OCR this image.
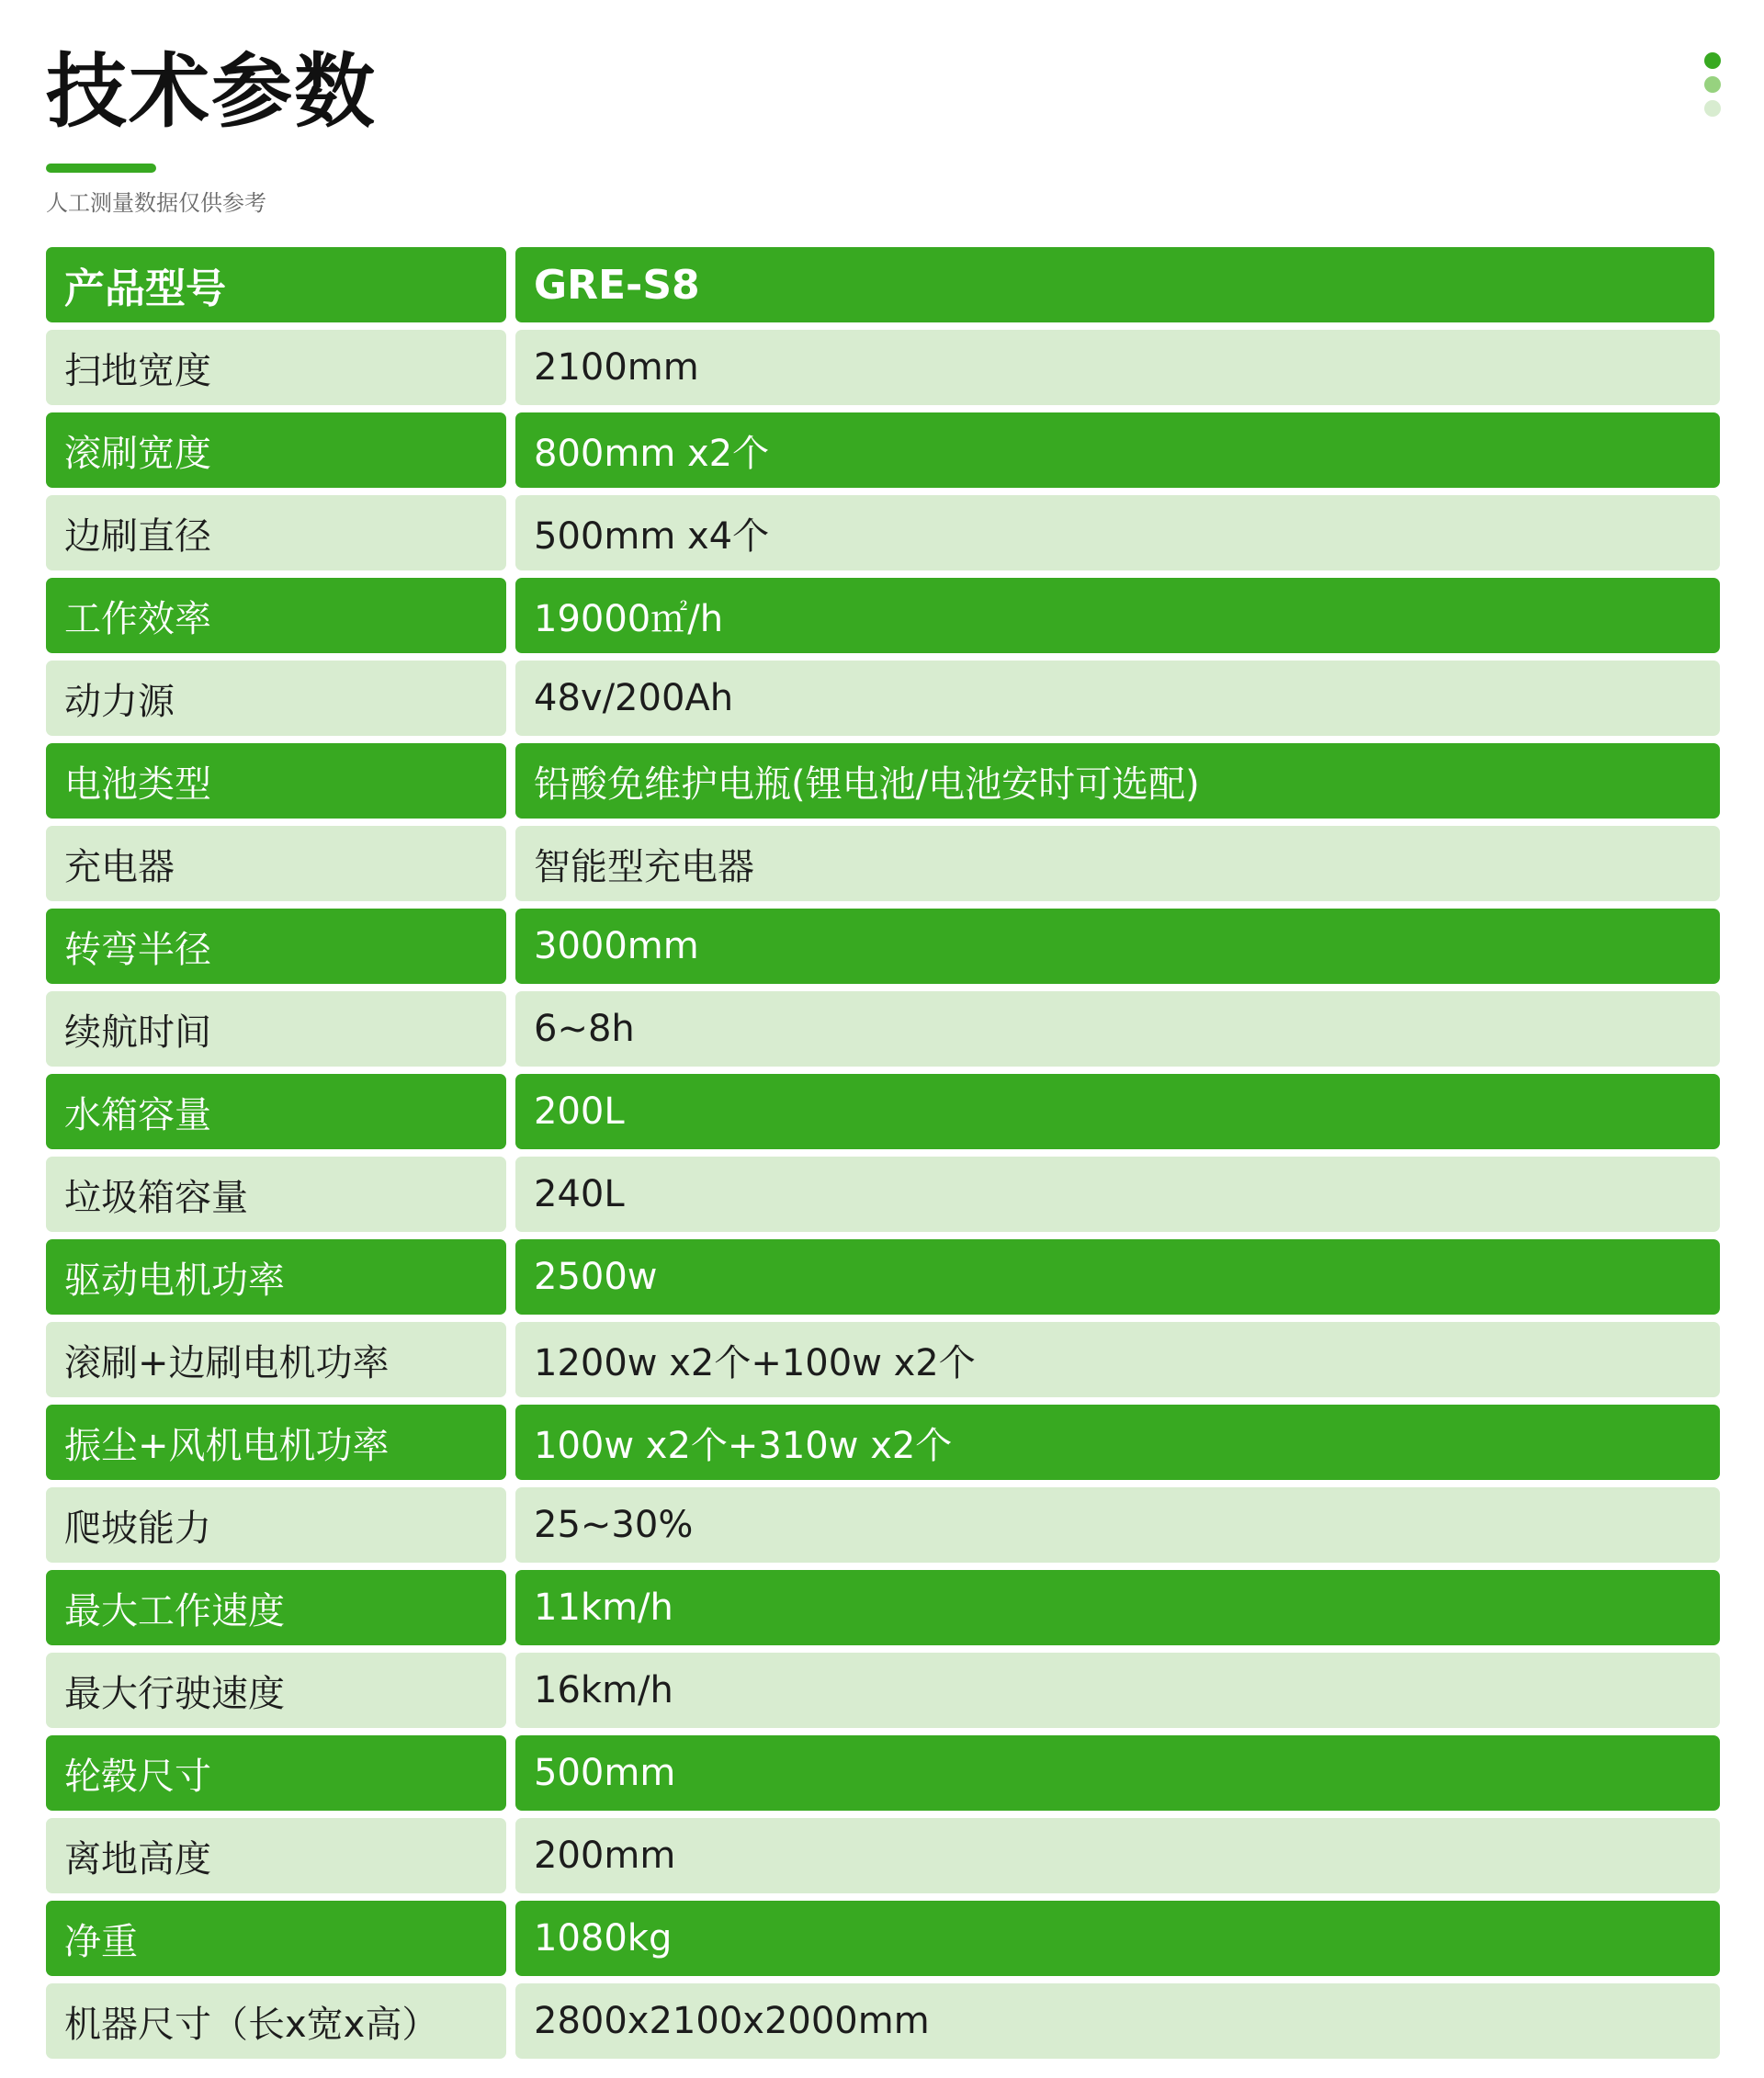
技术参数
人工测量数据仅供参考
产品型号	GRE-S8
扫地宽度	2100mm
滚刷宽度	800mm x2个
边刷直径	500mm x4个
工作效率	19000㎡/h
动力源	48v/200Ah
电池类型	铅酸免维护电瓶(锂电池/电池安时可选配)
充电器	智能型充电器
转弯半径	3000mm
续航时间	6~8h
水箱容量	200L
垃圾箱容量	240L
驱动电机功率	2500w
滚刷+边刷电机功率	1200w x2个+100w x2个
振尘+风机电机功率	100w x2个+310w x2个
爬坡能力	25~30%
最大工作速度	11km/h
最大行驶速度	16km/h
轮毂尺寸	500mm
离地高度	200mm
净重	1080kg
机器尺寸（长x宽x高）	2800x2100x2000mm
